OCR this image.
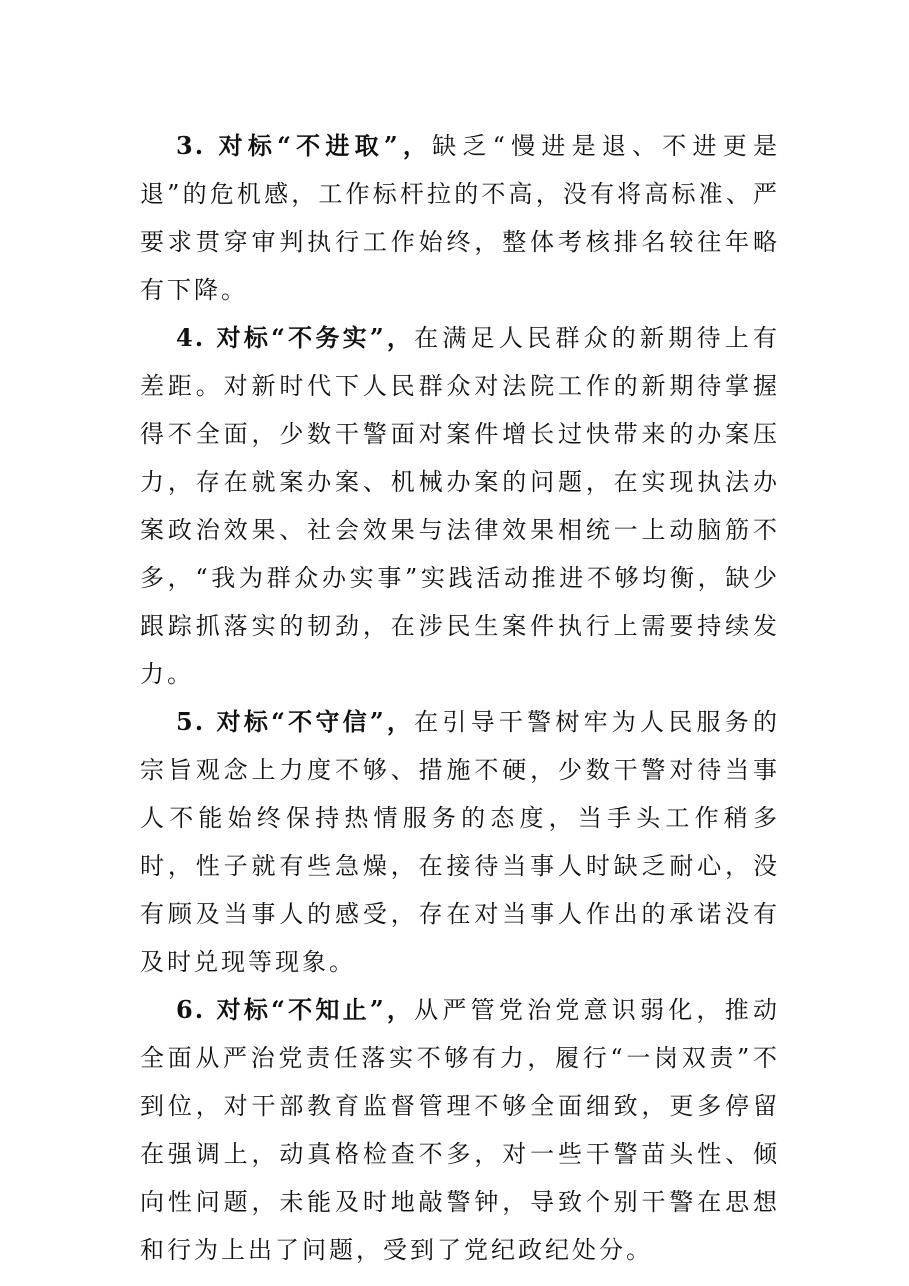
3. 对标“不进取”，缺乏“慢进是退、不进更是退”的危机感，工作标杆拉的不高，没有将高标准、严要求贯穿审判执行工作始终，整体考核排名较往年略有下降。

4. 对标“不务实”，在满足人民群众的新期待上有差距。对新时代下人民群众对法院工作的新期待掌握得不全面，少数干警面对案件增长过快带来的办案压力，存在就案办案、机械办案的问题，在实现执法办案政治效果、社会效果与法律效果相统一上动脑筋不多，“我为群众办实事”实践活动推进不够均衡，缺少跟踪抓落实的韧劲，在涉民生案件执行上需要持续发力。

5. 对标“不守信”，在引导干警树牢为人民服务的宗旨观念上力度不够、措施不硬，少数干警对待当事人不能始终保持热情服务的态度，当手头工作稍多时，性子就有些急燥，在接待当事人时缺乏耐心，没有顾及当事人的感受，存在对当事人作出的承诺没有及时兑现等现象。

6. 对标“不知止”，从严管党治党意识弱化，推动全面从严治党责任落实不够有力，履行“一岗双责”不到位，对干部教育监督管理不够全面细致，更多停留在强调上，动真格检查不多，对一些干警苗头性、倾向性问题，未能及时地敲警钟，导致个别干警在思想和行为上出了问题，受到了党纪政纪处分。
